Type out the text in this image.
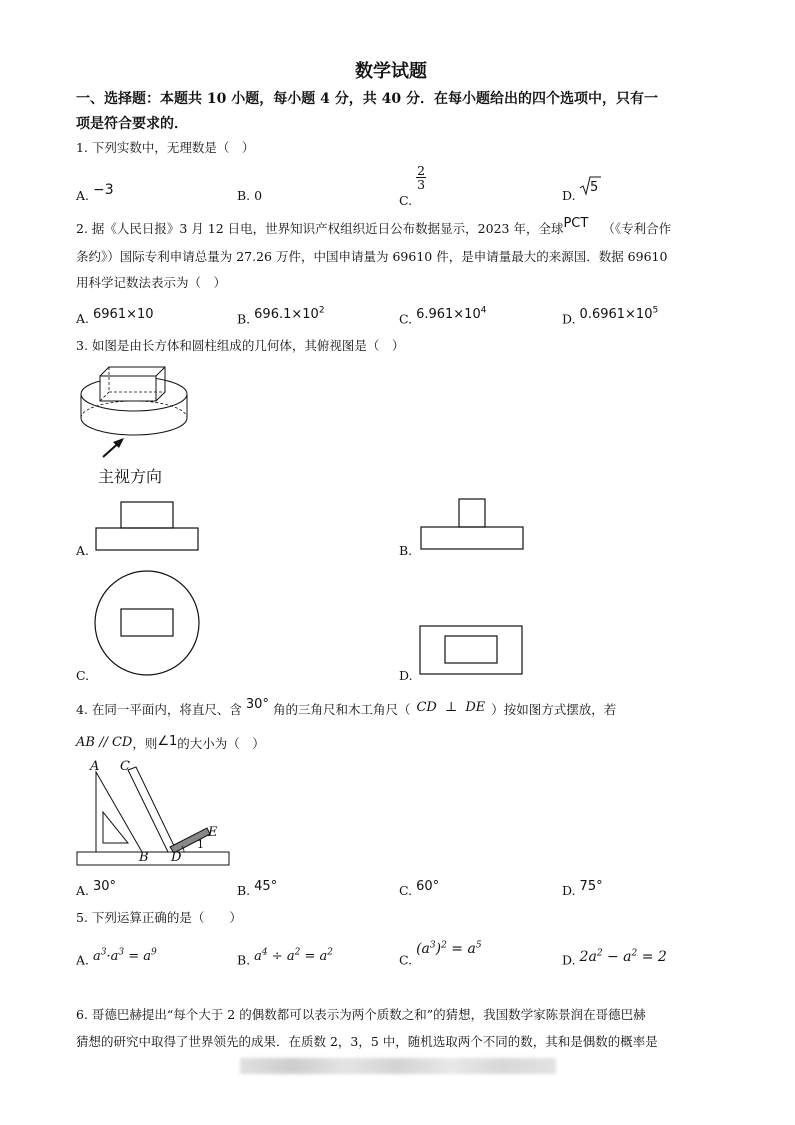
数学试题
一、选择题：本题共 10 小题，每小题 4 分，共 40 分．在每小题给出的四个选项中，只有一
项是符合要求的．
1. 下列实数中，无理数是（　）
A. −3	B. 0	C.
$\frac{2}{3}$
D.
5
2. 据《人民日报》3 月 12 日电，世界知识产权组织近日公布数据显示，2023 年，全球PCT （《专利合作
条约》）国际专利申请总量为 27.26 万件，中国申请量为 69610 件，是申请量最大的来源国．数据 69610
用科学记数法表示为（　）
A. 6961×10	B. $696.1\times 10^2$
C. $6.961\times 10^4$
D. $0.6961\times 10^5$
3. 如图是由长方体和圆柱组成的几何体，其俯视图是（　）
主视方向
A.	B.
C.	D.
4. 在同一平面内，将直尺、含 30° 角的三角尺和木工角尺（ CD ⊥ DE ）按如图方式摆放，若
AB // CD，则∠1的大小为（　）
A C
E
B D
1
A. 30°	B. 45°	C. 60°	D. 75°
5. 下列运算正确的是（　　）
A. $a^3\cdot a^3 = a^9$	B. $a^4 \div a^2 = a^2$	C. $(a^3)^2 = a^5$
D. $2a^2 - a^2 = 2$
6. 哥德巴赫提出“每个大于 2 的偶数都可以表示为两个质数之和”的猜想，我国数学家陈景润在哥德巴赫
猜想的研究中取得了世界领先的成果．在质数 2，3，5 中，随机选取两个不同的数，其和是偶数的概率是
